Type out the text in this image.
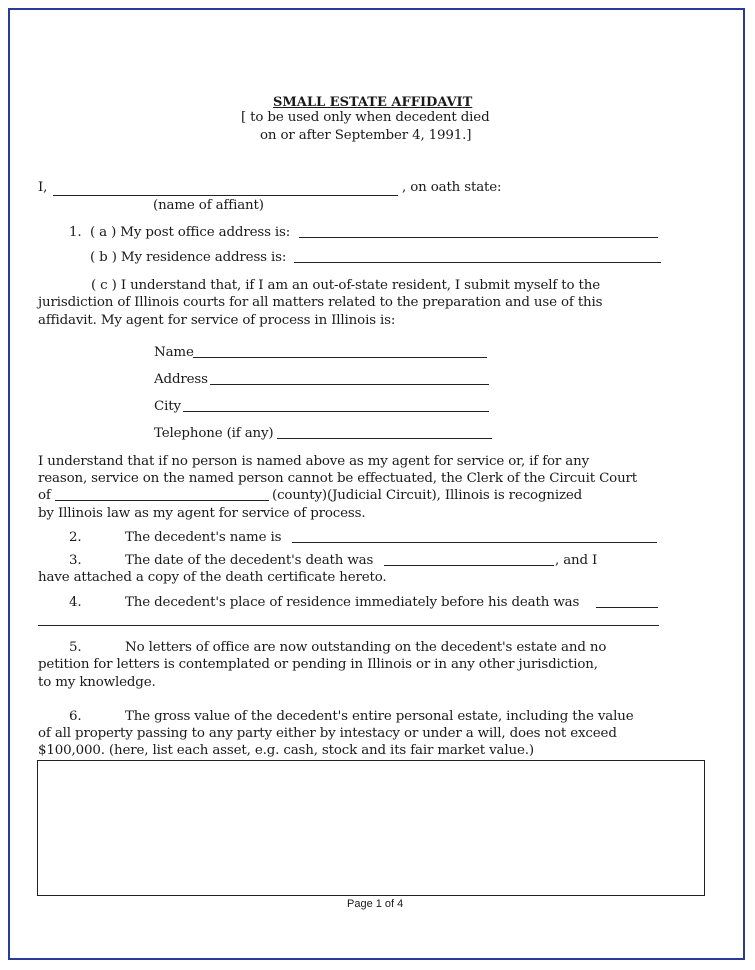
SMALL ESTATE AFFIDAVIT
[ to be used only when decedent died
on or after September 4, 1991.]
I,	, on oath state:
(name of affiant)
1. ( a ) My post office address is:
( b ) My residence address is:
( c ) I understand that, if I am an out-of-state resident, I submit myself to the
jurisdiction of Illinois courts for all matters related to the preparation and use of this
affidavit. My agent for service of process in Illinois is:
Name
Address
City
Telephone (if any)
I understand that if no person is named above as my agent for service or, if for any
reason, service on the named person cannot be effectuated, the Clerk of the Circuit Court
of	(county)(Judicial Circuit), Illinois is recognized
by Illinois law as my agent for service of process.
2.	The decedent's name is
3.	The date of the decedent's death was	, and I
have attached a copy of the death certificate hereto.
4.	The decedent's place of residence immediately before his death was
5.	No letters of office are now outstanding on the decedent's estate and no
petition for letters is contemplated or pending in Illinois or in any other jurisdiction,
to my knowledge.
6.	The gross value of the decedent's entire personal estate, including the value
of all property passing to any party either by intestacy or under a will, does not exceed
$100,000. (here, list each asset, e.g. cash, stock and its fair market value.)
Page 1 of 4
